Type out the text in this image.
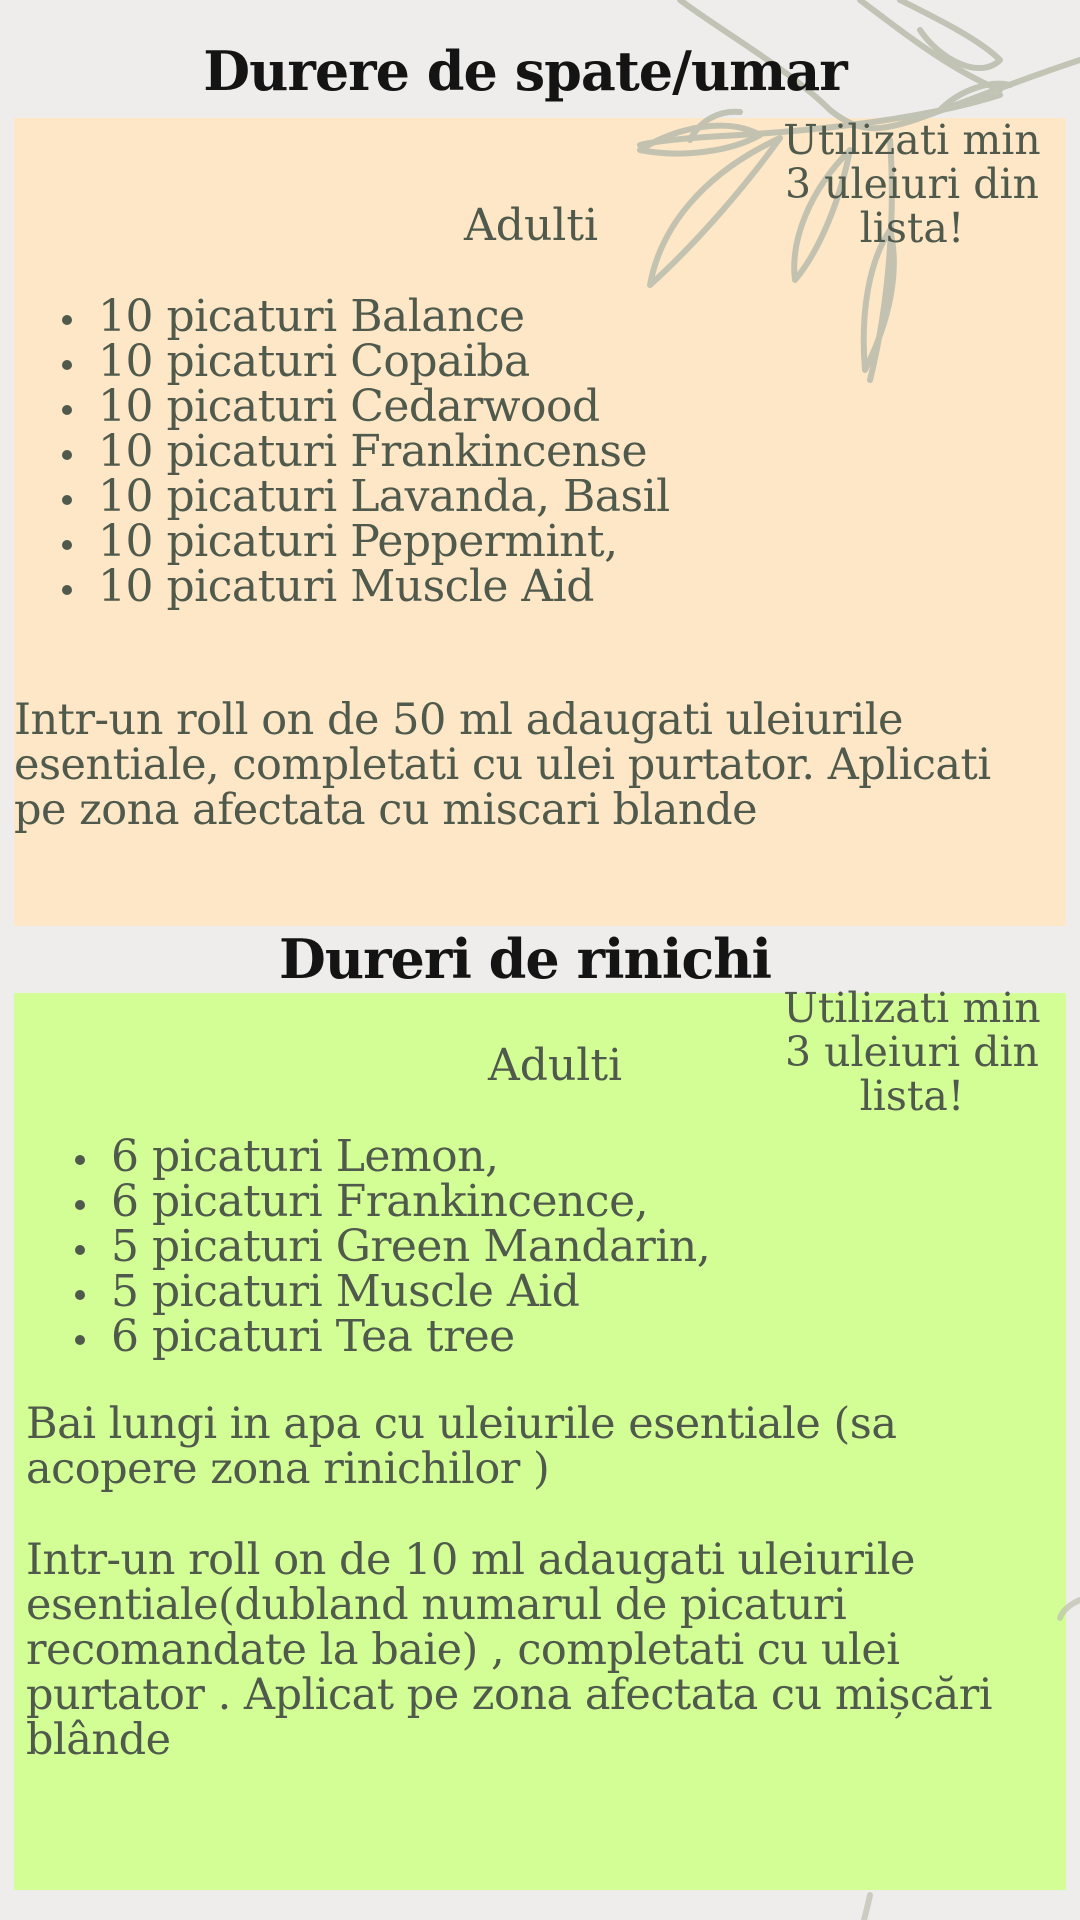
Durere de spate/umar
Utilizati min 3 uleiuri din lista!
Adulti
10 picaturi Balance
10 picaturi Copaiba
10 picaturi Cedarwood
10 picaturi Frankincense
10 picaturi Lavanda, Basil
10 picaturi Peppermint,
10 picaturi Muscle Aid

Intr-un roll on de 50 ml adaugati uleiurile esentiale, completati cu ulei purtator. Aplicati pe zona afectata cu miscari blande

Dureri de rinichi
Utilizati min 3 uleiuri din lista!
Adulti
6 picaturi Lemon,
6 picaturi Frankincence,
5 picaturi Green Mandarin,
5 picaturi Muscle Aid
6 picaturi Tea tree

Bai lungi in apa cu uleiurile esentiale (sa acopere zona rinichilor )

Intr-un roll on de 10 ml adaugati uleiurile esentiale(dubland numarul de picaturi recomandate la baie) , completati cu ulei purtator . Aplicat pe zona afectata cu mișcări blânde
